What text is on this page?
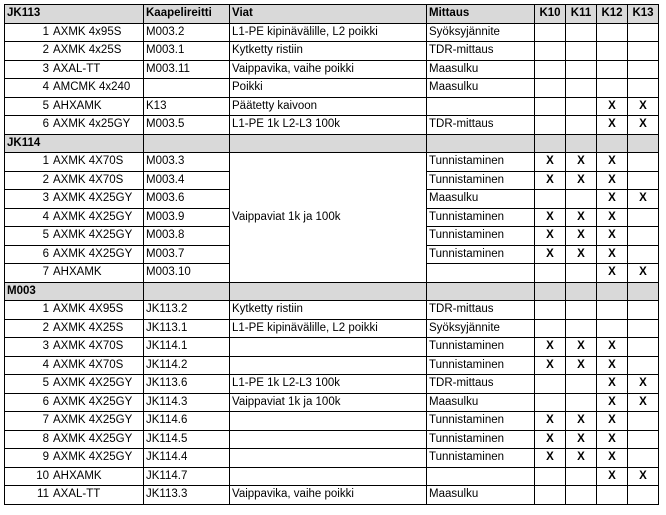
JK113	Kaapelireitti	Viat	Mittaus	K10	K11	K12	K13
1 AXMK 4x95S	M003.2	L1-PE kipinävälille, L2 poikki	Syöksyjännite				
2 AXMK 4x25S	M003.1	Kytketty ristiin	TDR-mittaus				
3 AXAL-TT	M003.11	Vaippavika, vaihe poikki	Maasulku				
4 AMCMK 4x240		Poikki	Maasulku				
5 AHXAMK	K13	Päätetty kaivoon				X	X
6 AXMK 4x25GY	M003.5	L1-PE 1k L2-L3 100k	TDR-mittaus			X	X
JK114							
1 AXMK 4X70S	M003.3	Vaippaviat 1k ja 100k	Tunnistaminen	X	X	X	
2 AXMK 4X70S	M003.4		Tunnistaminen	X	X	X	
3 AXMK 4X25GY	M003.6		Maasulku			X	X
4 AXMK 4X25GY	M003.9		Tunnistaminen	X	X	X	
5 AXMK 4X25GY	M003.8		Tunnistaminen	X	X	X	
6 AXMK 4X25GY	M003.7		Tunnistaminen	X	X	X	
7 AHXAMK	M003.10					X	X
M003							
1 AXMK 4X95S	JK113.2	Kytketty ristiin	TDR-mittaus				
2 AXMK 4X25S	JK113.1	L1-PE kipinävälille, L2 poikki	Syöksyjännite				
3 AXMK 4X70S	JK114.1		Tunnistaminen	X	X	X	
4 AXMK 4X70S	JK114.2		Tunnistaminen	X	X	X	
5 AXMK 4X25GY	JK113.6	L1-PE 1k L2-L3 100k	TDR-mittaus			X	X
6 AXMK 4X25GY	JK114.3	Vaippaviat 1k ja 100k	Maasulku			X	X
7 AXMK 4X25GY	JK114.6		Tunnistaminen	X	X	X	
8 AXMK 4X25GY	JK114.5		Tunnistaminen	X	X	X	
9 AXMK 4X25GY	JK114.4		Tunnistaminen	X	X	X	
10 AHXAMK	JK114.7					X	X
11 AXAL-TT	JK113.3	Vaippavika, vaihe poikki	Maasulku				
